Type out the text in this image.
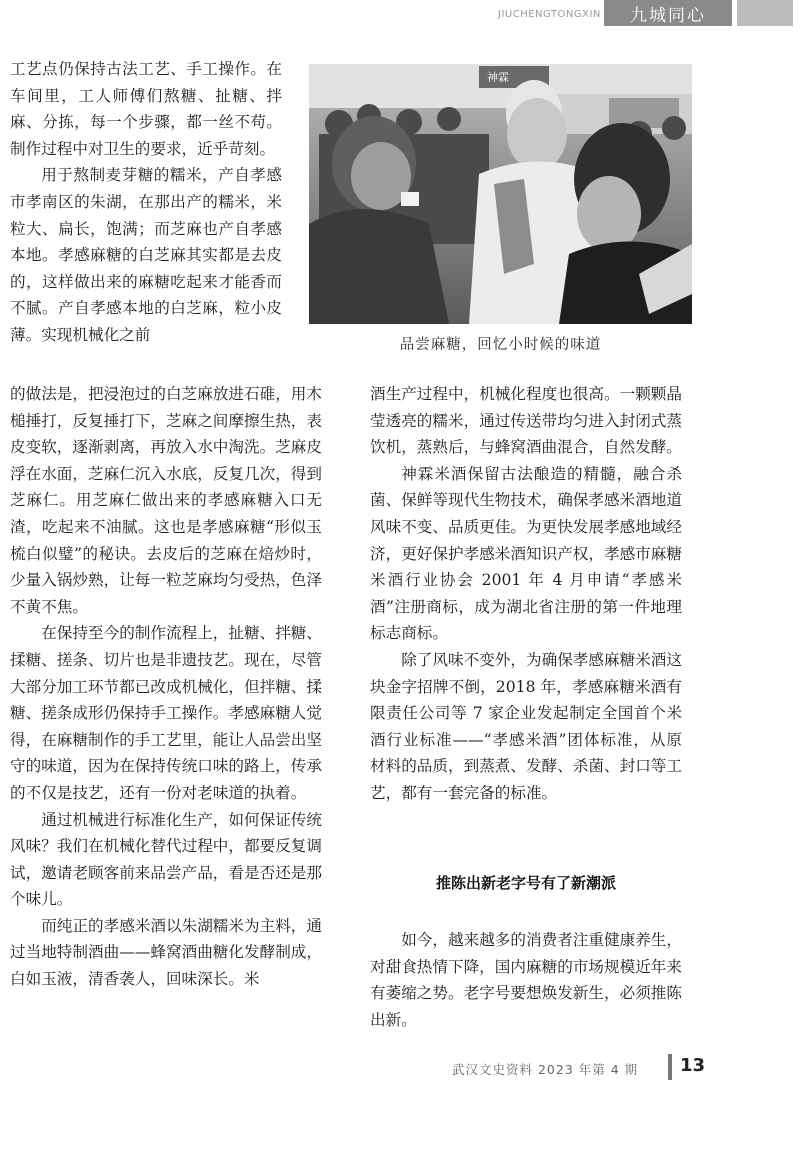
JIUCHENGTONGXIN	九城同心

工艺点仍保持古法工艺、手工操作。在车间里，工人师傅们熬糖、扯糖、拌麻、分拣，每一个步骤，都一丝不苟。制作过程中对卫生的要求，近乎苛刻。

用于熬制麦芽糖的糯米，产自孝感市孝南区的朱湖，在那出产的糯米，米粒大、扁长，饱满；而芝麻也产自孝感本地。孝感麻糖的白芝麻其实都是去皮的，这样做出来的麻糖吃起来才能香而不腻。产自孝感本地的白芝麻，粒小皮薄。实现机械化之前

神霖
品尝麻糖，回忆小时候的味道

的做法是，把浸泡过的白芝麻放进石碓，用木槌捶打，反复捶打下，芝麻之间摩擦生热，表皮变软，逐渐剥离，再放入水中淘洗。芝麻皮浮在水面，芝麻仁沉入水底，反复几次，得到芝麻仁。用芝麻仁做出来的孝感麻糖入口无渣，吃起来不油腻。这也是孝感麻糖“形似玉梳白似璧”的秘诀。去皮后的芝麻在焙炒时，少量入锅炒熟，让每一粒芝麻均匀受热，色泽不黄不焦。

在保持至今的制作流程上，扯糖、拌糖、揉糖、搓条、切片也是非遗技艺。现在，尽管大部分加工环节都已改成机械化，但拌糖、揉糖、搓条成形仍保持手工操作。孝感麻糖人觉得，在麻糖制作的手工艺里，能让人品尝出坚守的味道，因为在保持传统口味的路上，传承的不仅是技艺，还有一份对老味道的执着。

通过机械进行标准化生产，如何保证传统风味？我们在机械化替代过程中，都要反复调试，邀请老顾客前来品尝产品，看是否还是那个味儿。

而纯正的孝感米酒以朱湖糯米为主料，通过当地特制酒曲——蜂窝酒曲糖化发酵制成，白如玉液，清香袭人，回味深长。米

酒生产过程中，机械化程度也很高。一颗颗晶莹透亮的糯米，通过传送带均匀进入封闭式蒸饮机，蒸熟后，与蜂窝酒曲混合，自然发酵。

神霖米酒保留古法酿造的精髓，融合杀菌、保鲜等现代生物技术，确保孝感米酒地道风味不变、品质更佳。为更快发展孝感地域经济，更好保护孝感米酒知识产权，孝感市麻糖米酒行业协会 2001 年 4 月申请“孝感米酒”注册商标，成为湖北省注册的第一件地理标志商标。

除了风味不变外，为确保孝感麻糖米酒这块金字招牌不倒，2018 年，孝感麻糖米酒有限责任公司等 7 家企业发起制定全国首个米酒行业标准——“孝感米酒”团体标准，从原材料的品质，到蒸煮、发酵、杀菌、封口等工艺，都有一套完备的标准。

推陈出新老字号有了新潮派

如今，越来越多的消费者注重健康养生，对甜食热情下降，国内麻糖的市场规模近年来有萎缩之势。老字号要想焕发新生，必须推陈出新。

武汉文史资料 2023 年第 4 期 13
